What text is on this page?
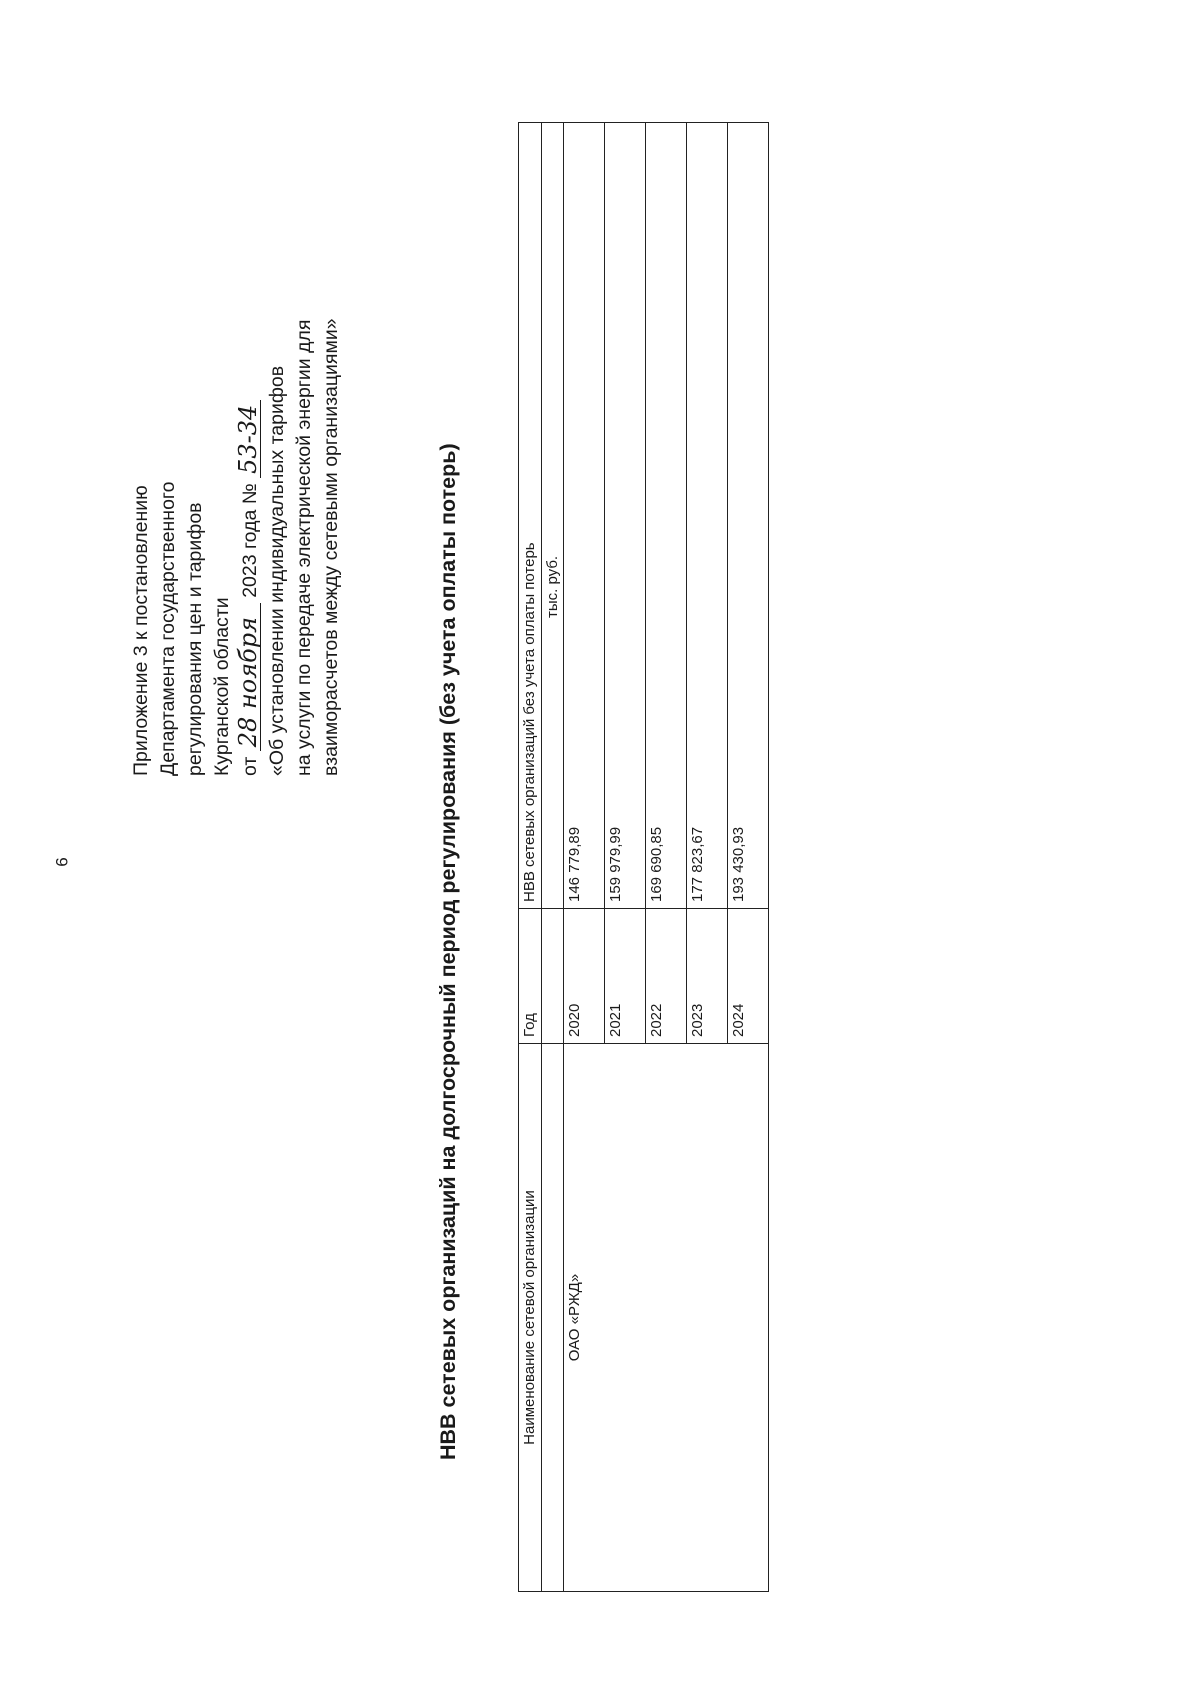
6
Приложение 3 к постановлению Департамента государственного регулирования цен и тарифов Курганской области от 28 ноября 2023 года № 53-34 «Об установлении индивидуальных тарифов на услуги по передаче электрической энергии для взаиморасчетов между сетевыми организациями»	НВВ сетевых организаций на долгосрочный период регулирования (без учета оплаты потерь)	Наименование сетевой организации	Год	НВВ сетевых организаций без учета оплаты потерь
		тыс. руб.
ОАО «РЖД»	2020	146 779,89
	2021	159 979,99
	2022	169 690,85
	2023	177 823,67
	2024	193 430,93
